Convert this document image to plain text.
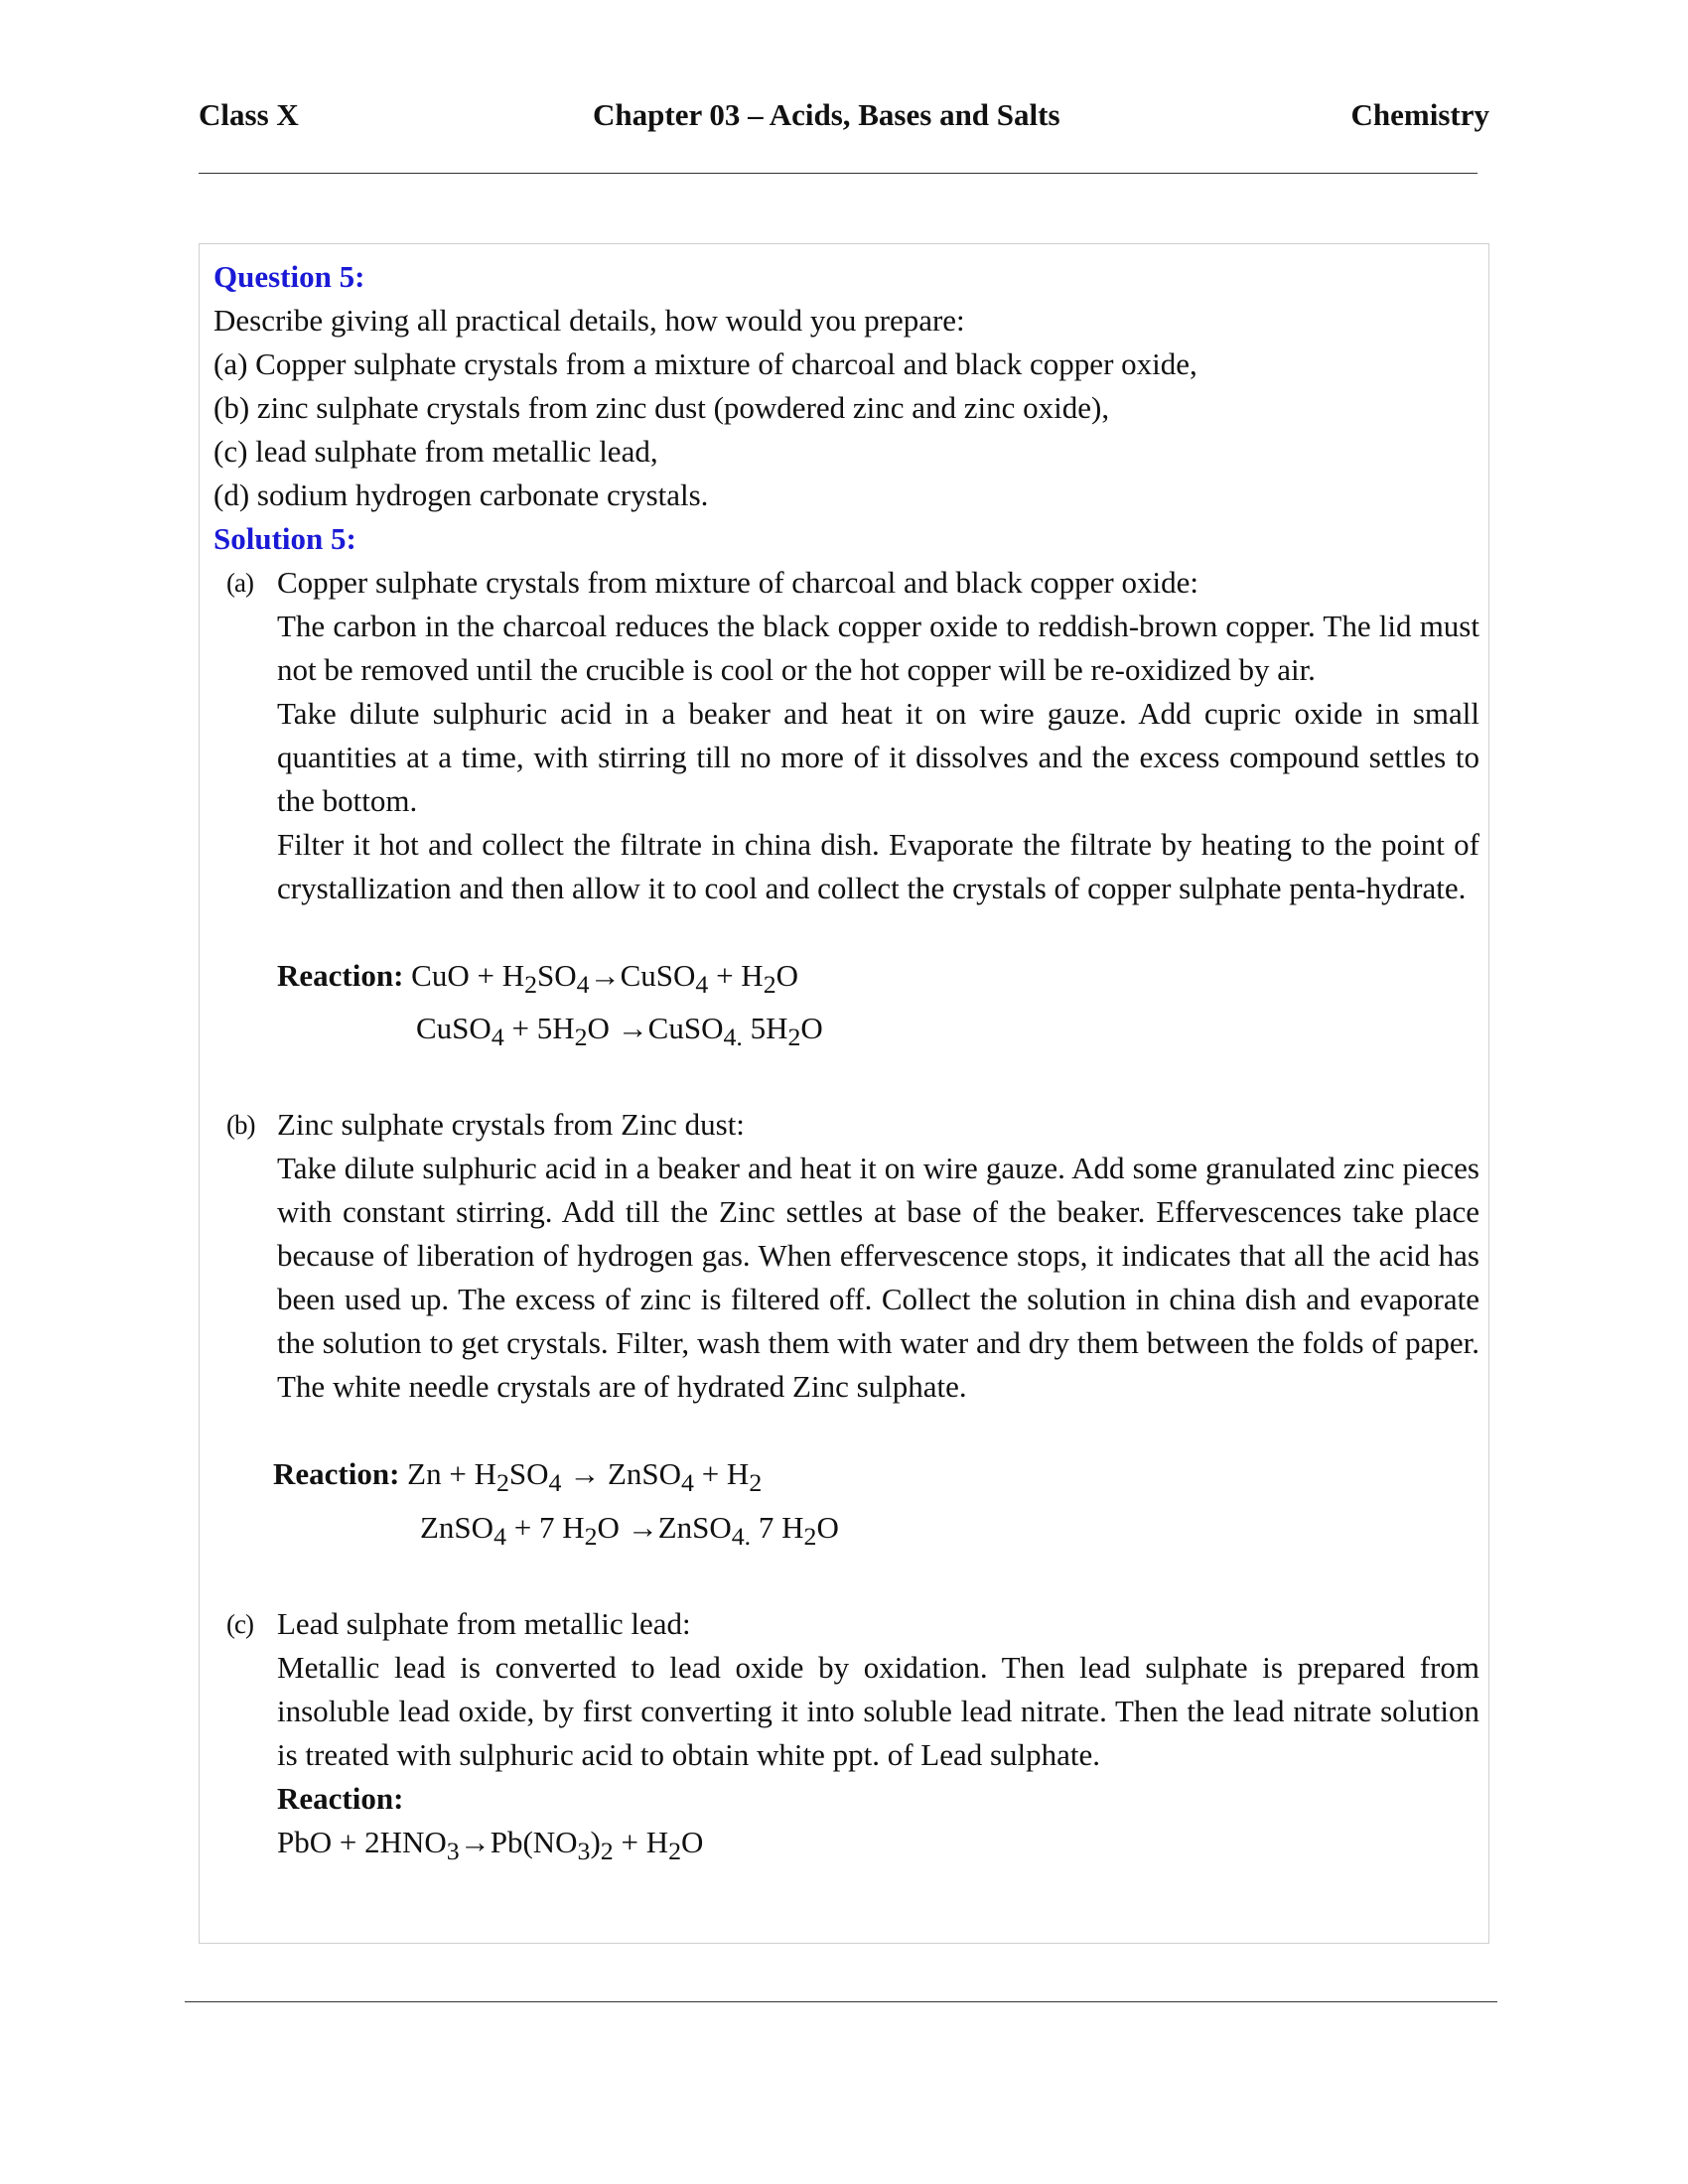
Class X	Chapter 03 – Acids, Bases and Salts	Chemistry
Question 5:
Describe giving all practical details, how would you prepare:
(a) Copper sulphate crystals from a mixture of charcoal and black copper oxide,
(b) zinc sulphate crystals from zinc dust (powdered zinc and zinc oxide),
(c) lead sulphate from metallic lead,
(d) sodium hydrogen carbonate crystals.
Solution 5:
(a) Copper sulphate crystals from mixture of charcoal and black copper oxide:
The carbon in the charcoal reduces the black copper oxide to reddish-brown copper. The lid must not be removed until the crucible is cool or the hot copper will be re-oxidized by air.
Take dilute sulphuric acid in a beaker and heat it on wire gauze. Add cupric oxide in small quantities at a time, with stirring till no more of it dissolves and the excess compound settles to the bottom.
Filter it hot and collect the filtrate in china dish. Evaporate the filtrate by heating to the point of crystallization and then allow it to cool and collect the crystals of copper sulphate penta-hydrate.
Reaction: CuO + $H_2SO_4\to CuSO_4 + H_2O$
CuSO$_4$ + $5H_2O$ →CuSO$_{4.}$ $5H_2O$
(b) Zinc sulphate crystals from Zinc dust:
Take dilute sulphuric acid in a beaker and heat it on wire gauze. Add some granulated zinc pieces with constant stirring. Add till the Zinc settles at base of the beaker. Effervescences take place because of liberation of hydrogen gas. When effervescence stops, it indicates that all the acid has been used up. The excess of zinc is filtered off. Collect the solution in china dish and evaporate the solution to get crystals. Filter, wash them with water and dry them between the folds of paper. The white needle crystals are of hydrated Zinc sulphate.
Reaction: $Zn + H_2SO_4$ → ZnSO$_4$ + $H_2$
ZnSO$_4$ + 7 $H_2O$ →ZnSO$_{4.}$ 7 $H_2O$
(c) Lead sulphate from metallic lead:
Metallic lead is converted to lead oxide by oxidation. Then lead sulphate is prepared from insoluble lead oxide, by first converting it into soluble lead nitrate. Then the lead nitrate solution is treated with sulphuric acid to obtain white ppt. of Lead sulphate.
Reaction:
PbO + $2HNO_3\to Pb(NO_3)_2 + H_2O$
